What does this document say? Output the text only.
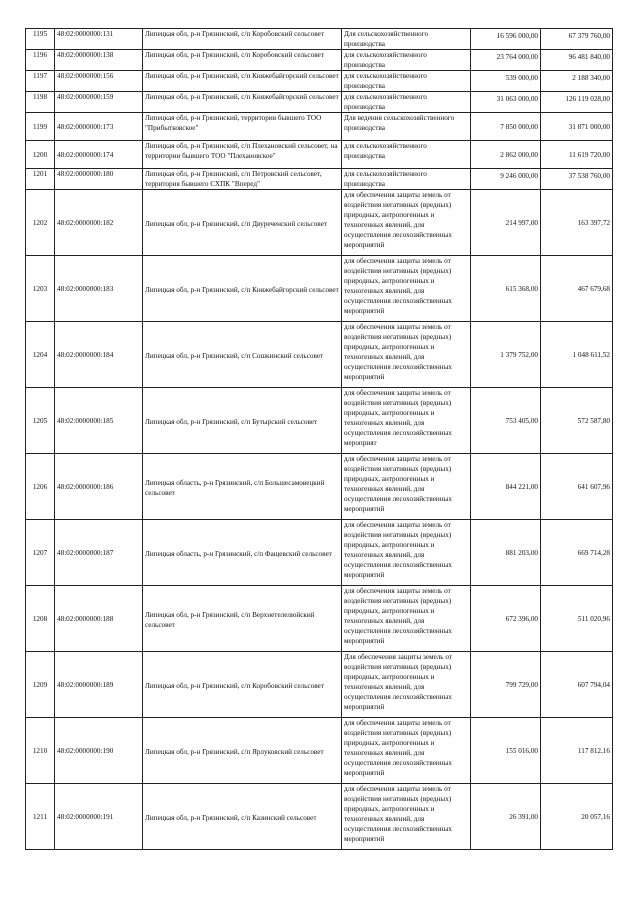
1195	48:02:0000000:131	Липецкая обл, р-н Грязинский, с/п Коробовский сельсовет	Для сельскохозяйственного производства	16 596 000,00	67 379 760,00
1196	48:02:0000000:138	Липецкая обл, р-н Грязинский, с/п Коробовский сельсовет	для сельскохозяйственного производства	23 764 000,00	96 481 840,00
1197	48:02:0000000:156	Липецкая обл, р-н Грязинский, с/п Княжебайгорский сельсовет	для сельскохозяйственного производства	539 000,00	2 188 340,00
1198	48:02:0000000:159	Липецкая обл, р-н Грязинский, с/п Княжебайгорский сельсовет	для сельскохозяйственного производства	31 063 000,00	126 119 028,00
1199	48:02:0000000:173	Липецкая обл, р-н Грязинский, территория бывшего ТОО "Прибытковское"	Для ведения сельскохозяйственного производства	7 850 000,00	31 871 000,00
1200	48:02:0000000:174	Липецкая обл, р-н Грязинский, с/п Плехановский сельсовет, на территории бывшего ТОО "Плехановское"	для сельскохозяйственного производства	2 862 000,00	11 619 720,00
1201	48:02:0000000:180	Липецкая обл, р-н Грязинский, с/п Петровский сельсовет, территория бывшего СХПК "Вперед"	для сельскохозяйственного производства	9 246 000,00	37 538 760,00
1202	48:02:0000000:182	Липецкая обл, р-н Грязинский, с/п Двуреченский сельсовет	для обеспечения защиты земель от воздействия негативных (вредных) природных, антропогенных и техногенных явлений, для осуществления лесохозяйственных мероприятий	214 997,00	163 397,72
1203	48:02:0000000:183	Липецкая обл, р-н Грязинский, с/п Княжебайгорский сельсовет	для обеспечения защиты земель от воздействия негативных (вредных) природных, антропогенных и техногенных явлений, для осуществления лесохозяйственных мероприятий	615 368,00	467 679,68
1204	48:02:0000000:184	Липецкая обл, р-н Грязинский, с/п Сошкинский сельсовет	для обеспечения защиты земель от воздействия негативных (вредных) природных, антропогенных и техногенных явлений, для осуществления лесохозяйственных мероприятий	1 379 752,00	1 048 611,52
1205	48:02:0000000:185	Липецкая обл, р-н Грязинский, с/п Бутырский сельсовет	для обеспечения защиты земель от воздействия негативных (вредных) природных, антропогенных и техногенных явлений, для осуществления лесохозяйственных мероприят	753 405,00	572 587,80
1206	48:02:0000000:186	Липецкая область, р-н Грязинский, с/п Большесамовецкий сельсовет	для обеспечения защиты земель от воздействия негативных (вредных) природных, антропогенных и техногенных явлений, для осуществления лесохозяйственных мероприятий	844 221,00	641 607,96
1207	48:02:0000000:187	Липецкая область, р-н Грязинский, с/п Фащевский сельсовет	для обеспечения защиты земель от воздействия негативных (вредных) природных, антропогенных и техногенных явлений, для осуществления лесохозяйственных мероприятий	881 203,00	669 714,28
1208	48:02:0000000:188	Липецкая обл, р-н Грязинский, с/п Верхнетелелюйский сельсовет	для обеспечения защиты земель от воздействия негативных (вредных) природных, антропогенных и техногенных явлений, для осуществления лесохозяйственных мероприятий	672 396,00	511 020,96
1209	48:02:0000000:189	Липецкая обл, р-н Грязинский, с/п Коробовский сельсовет	Для обеспечения защиты земель от воздействия негативных (вредных) природных, антропогенных и техногенных явлений, для осуществления лесохозяйственных мероприятий	799 729,00	607 794,04
1210	48:02:0000000:190	Липецкая обл, р-н Грязинский, с/п Ярлуковский сельсовет	для обеспечения защиты земель от воздействия негативных (вредных) природных, антропогенных и техногенных явлений, для осуществления лесохозяйственных мероприятий	155 016,00	117 812,16
1211	48:02:0000000:191	Липецкая обл, р-н Грязинский, с/п Казинский сельсовет	для обеспечения защиты земель от воздействия негативных (вредных) природных, антропогенных и техногенных явлений, для осуществления лесохозяйственных мероприятий	26 391,00	20 057,16
